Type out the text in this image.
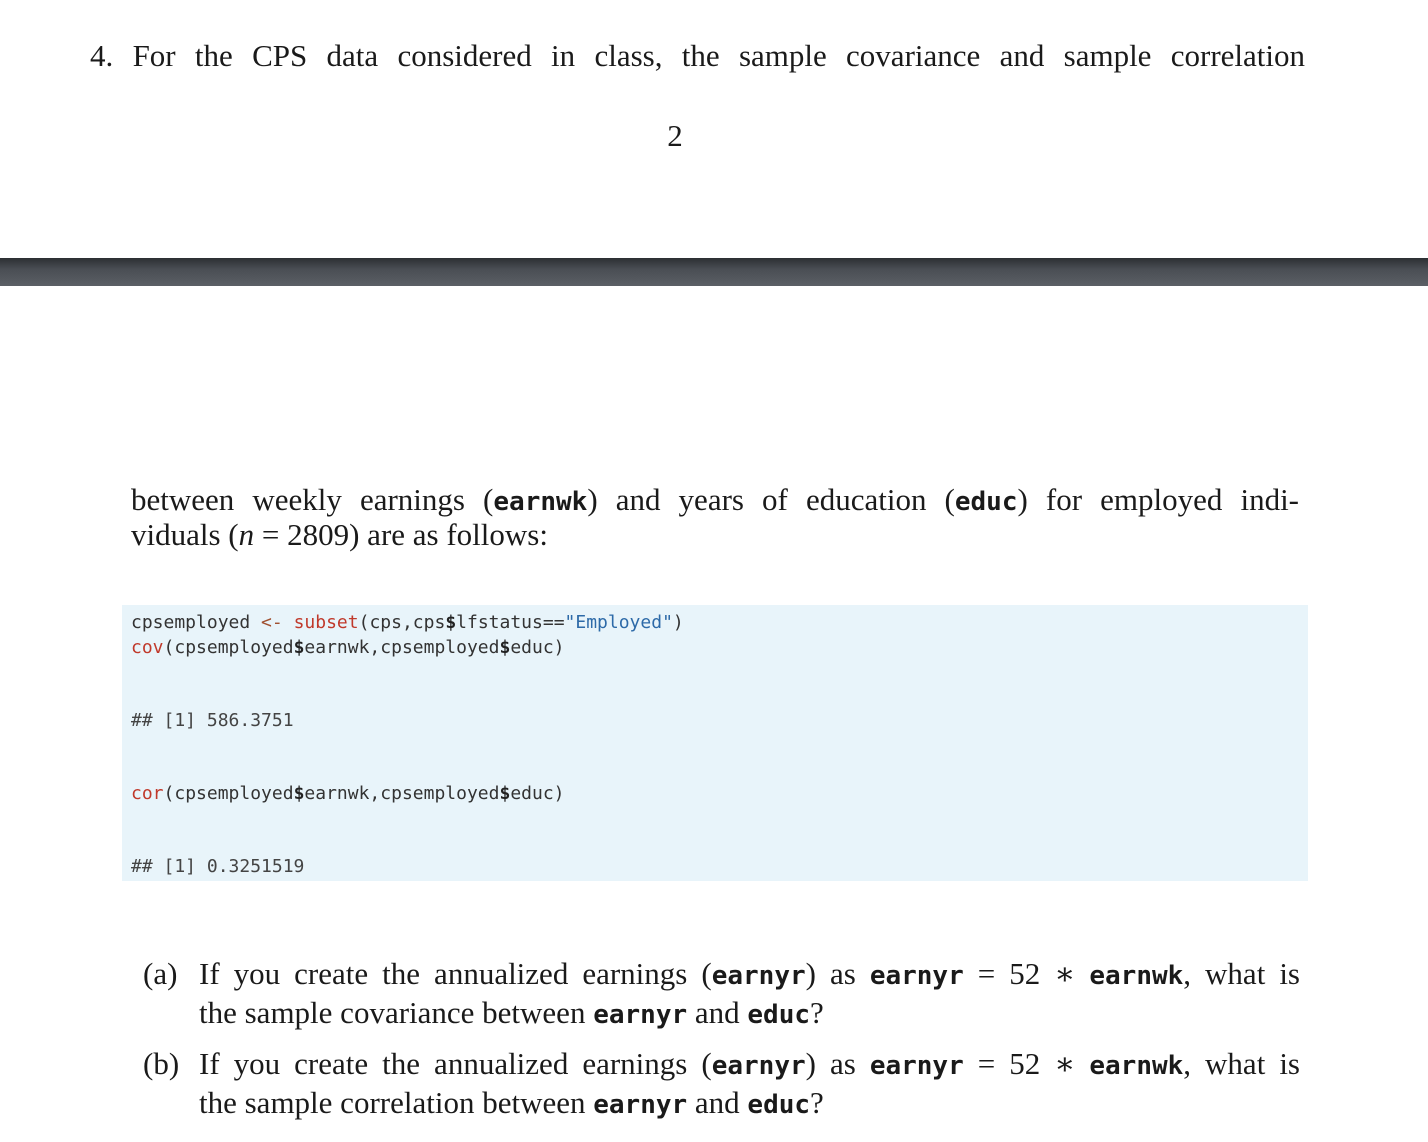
4. For the CPS data considered in class, the sample covariance and sample correlation
2
between weekly earnings (earnwk) and years of education (educ) for employed indi-
viduals (n = 2809) are as follows:
cpsemployed <- subset(cps,cps$lfstatus=="Employed")
cov(cpsemployed$earnwk,cpsemployed$educ)
## [1] 586.3751
cor(cpsemployed$earnwk,cpsemployed$educ)
## [1] 0.3251519
(a) If you create the annualized earnings (earnyr) as earnyr = 52 ∗ earnwk, what is
the sample covariance between earnyr and educ?
(b) If you create the annualized earnings (earnyr) as earnyr = 52 ∗ earnwk, what is
the sample correlation between earnyr and educ?
